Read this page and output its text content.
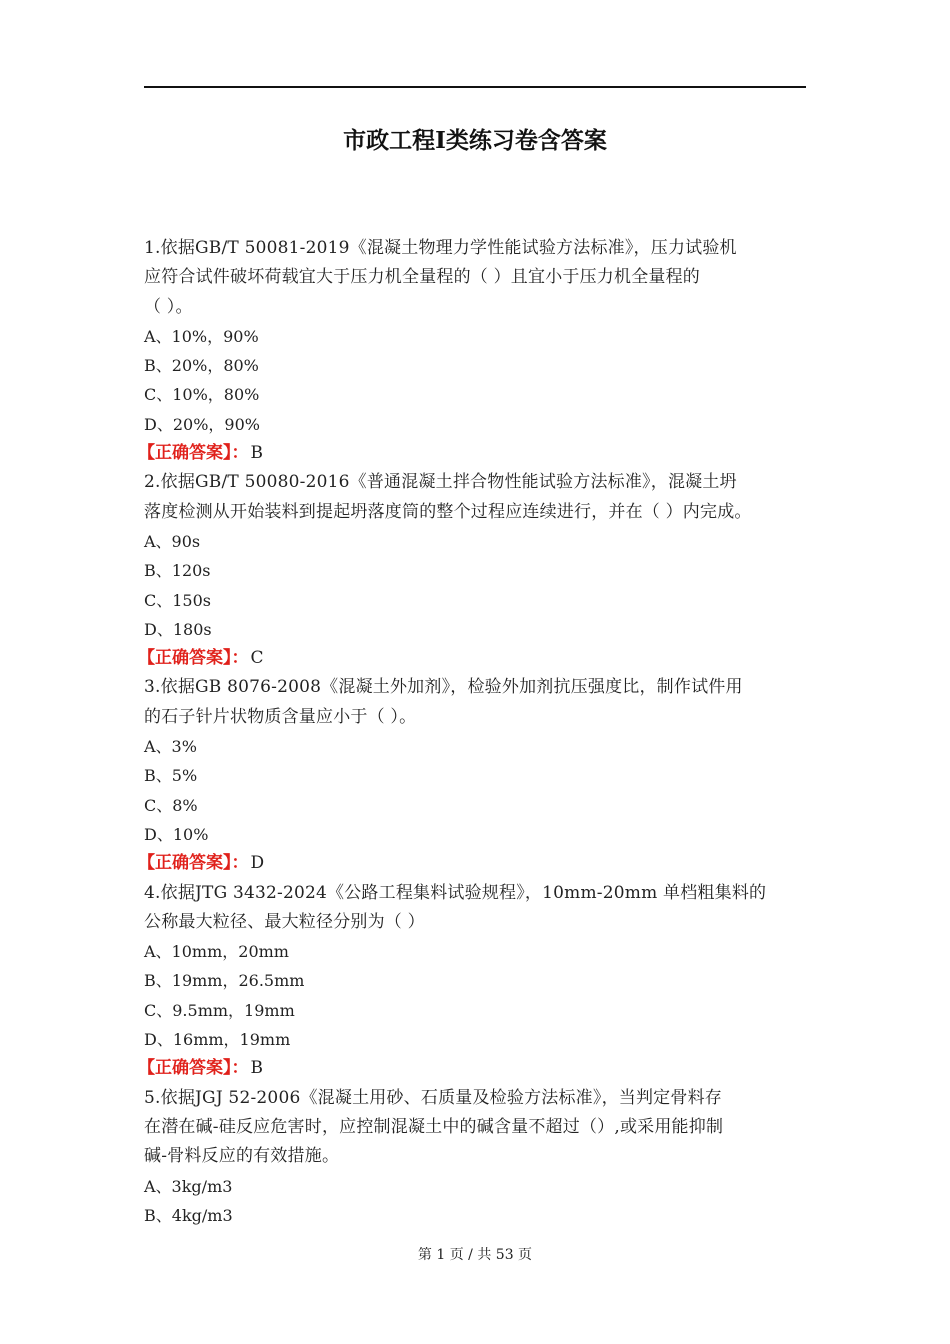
市政工程Ⅰ类练习卷含答案
1.依据GB/T 50081-2019《混凝土物理力学性能试验方法标准》，压力试验机
应符合试件破坏荷载宜大于压力机全量程的（ ）且宜小于压力机全量程的
（ ）。
A、10%，90%
B、20%，80%
C、10%，80%
D、20%，90%
【正确答案】： B
2.依据GB/T 50080-2016《普通混凝土拌合物性能试验方法标准》，混凝土坍
落度检测从开始装料到提起坍落度筒的整个过程应连续进行，并在（ ）内完成。
A、90s
B、120s
C、150s
D、180s
【正确答案】： C
3.依据GB 8076-2008《混凝土外加剂》，检验外加剂抗压强度比，制作试件用
的石子针片状物质含量应小于（ ）。
A、3%
B、5%
C、8%
D、10%
【正确答案】： D
4.依据JTG 3432-2024《公路工程集料试验规程》，10mm-20mm 单档粗集料的
公称最大粒径、最大粒径分别为（ ）
A、10mm，20mm
B、19mm，26.5mm
C、9.5mm，19mm
D、16mm，19mm
【正确答案】： B
5.依据JGJ 52-2006《混凝土用砂、石质量及检验方法标准》，当判定骨料存
在潜在碱-硅反应危害时，应控制混凝土中的碱含量不超过（）,或采用能抑制
碱-骨料反应的有效措施。
A、3kg/m3
B、4kg/m3
第 1 页 / 共 53 页
